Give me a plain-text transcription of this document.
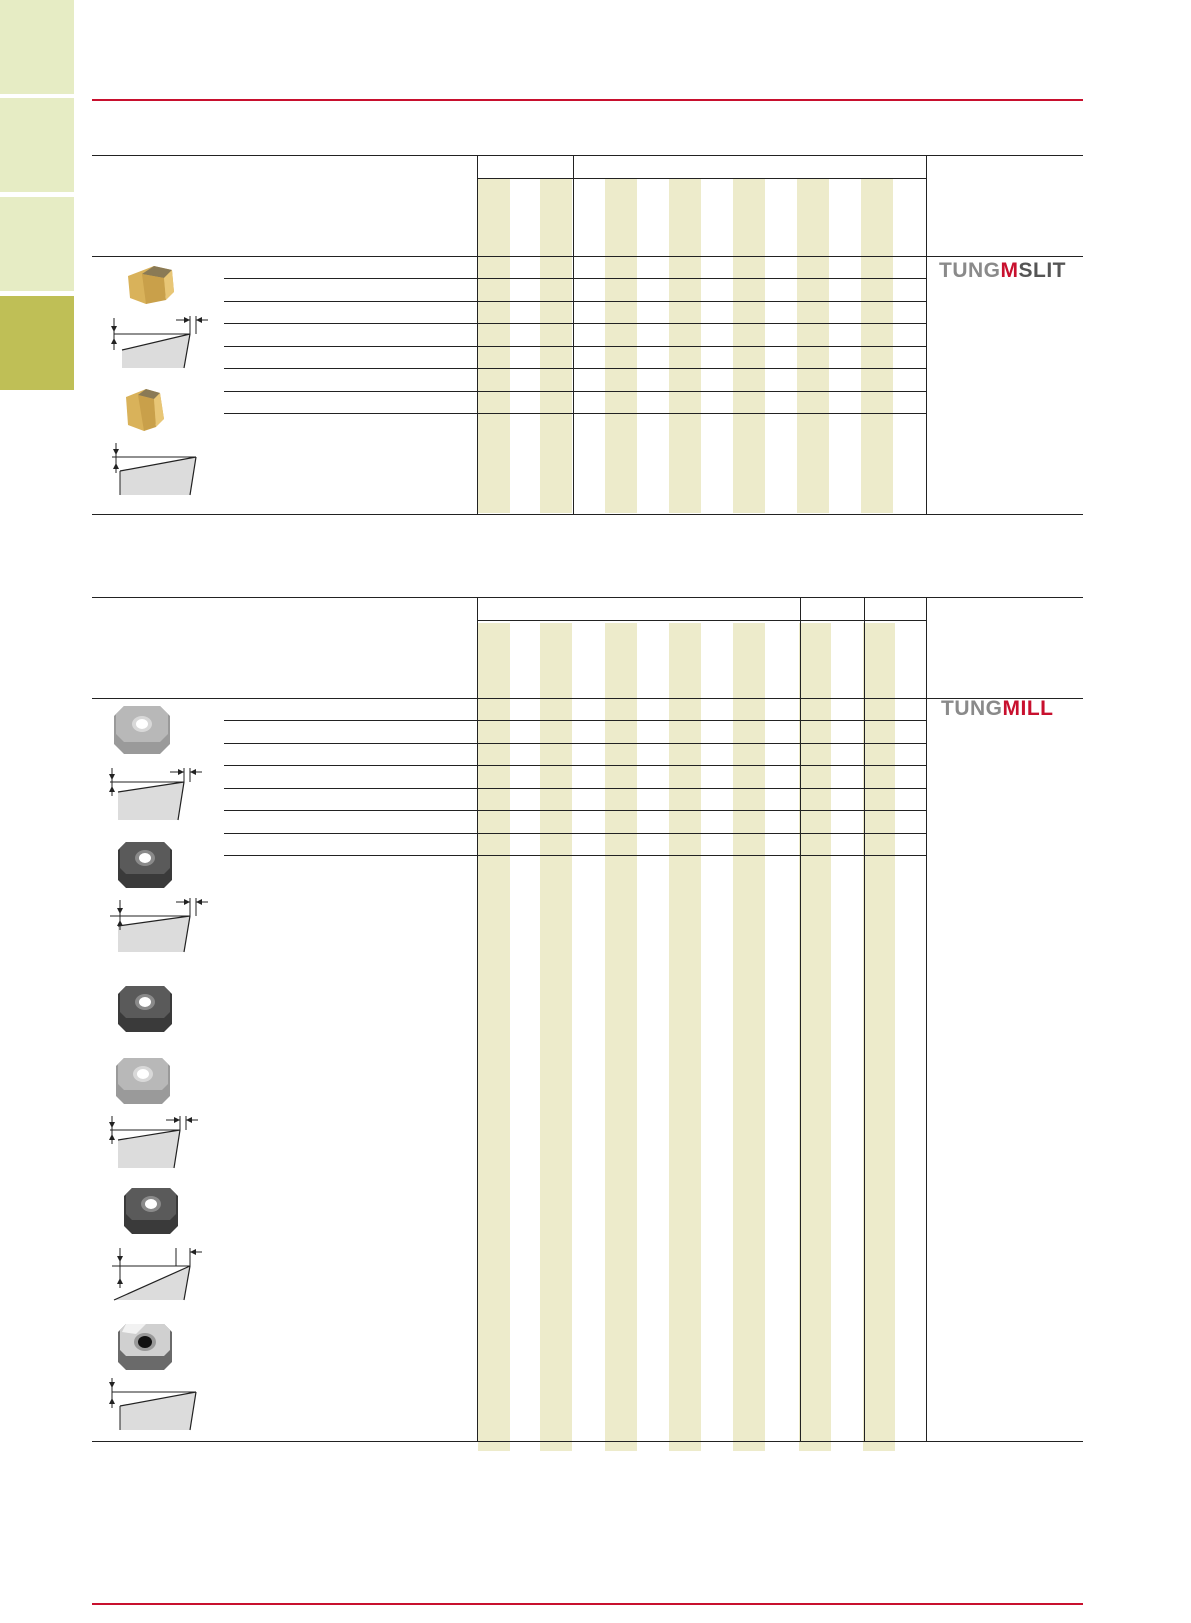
TUNGMSLIT
TUNGMILL
